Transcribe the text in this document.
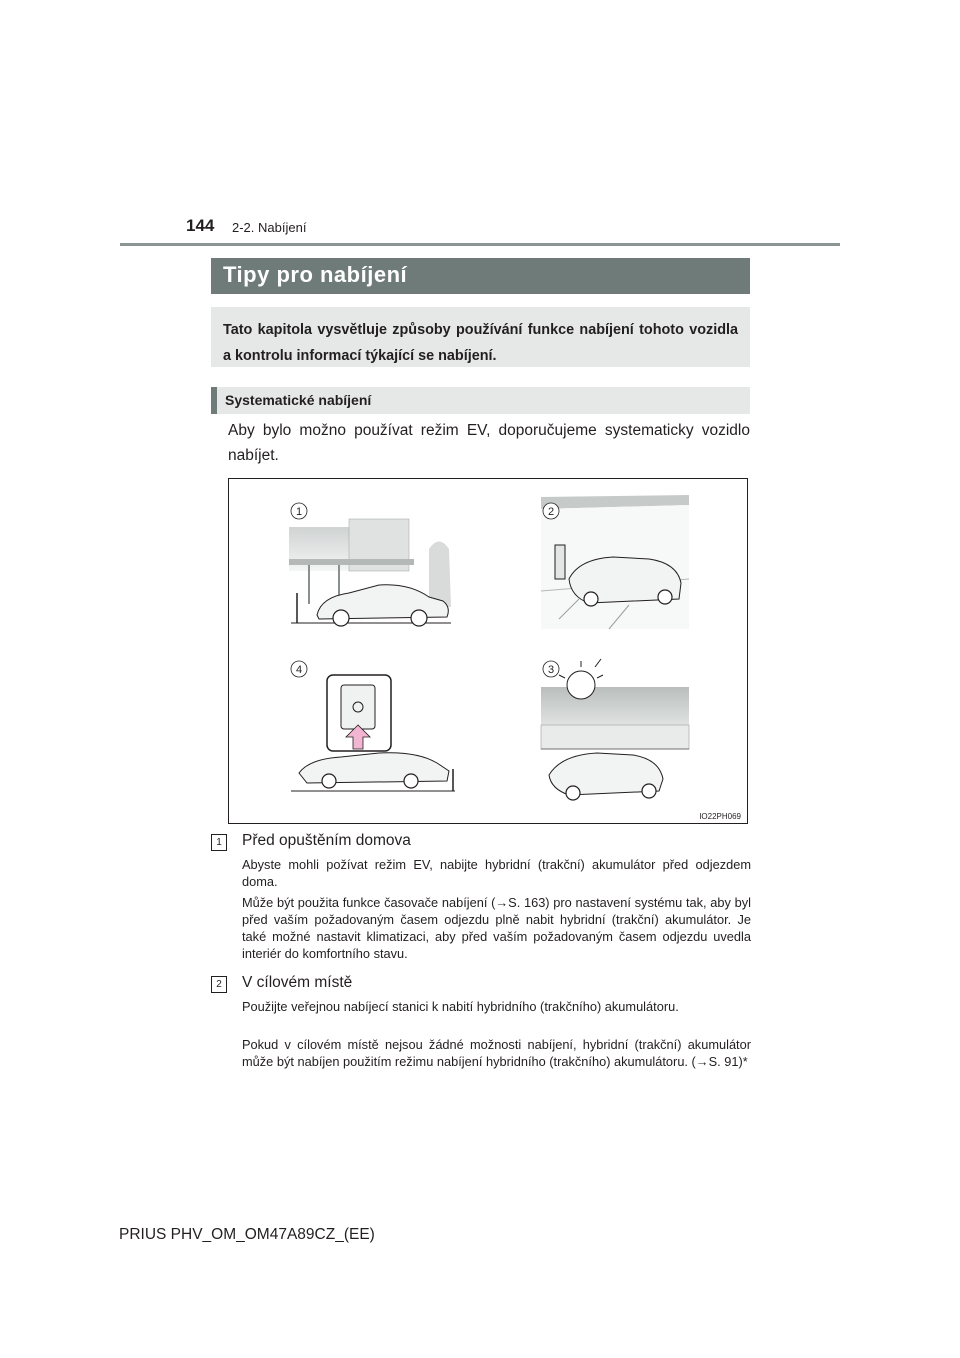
144 2-2. Nabíjení
Tipy pro nabíjení
Tato kapitola vysvětluje způsoby používání funkce nabíjení tohoto vozidla a kontrolu informací týkající se nabíjení.
Systematické nabíjení
Aby bylo možno používat režim EV, doporučujeme systematicky vozidlo nabíjet.
1	2
3
4
IO22PH069
1	Před opuštěním domova
Abyste mohli požívat režim EV, nabijte hybridní (trakční) akumulátor před odjezdem doma.
Může být použita funkce časovače nabíjení (→S. 163) pro nastavení systému tak, aby byl před vaším požadovaným časem odjezdu plně nabit hybridní (trakční) akumulátor. Je také možné nastavit klimatizaci, aby před vaším požadovaným časem odjezdu uvedla interiér do komfortního stavu.
2	V cílovém místě
Použijte veřejnou nabíjecí stanici k nabití hybridního (trakčního) akumulátoru.
Pokud v cílovém místě nejsou žádné možnosti nabíjení, hybridní (trakční) akumulátor může být nabíjen použitím režimu nabíjení hybridního (trakčního) akumulátoru. (→S. 91)*
PRIUS PHV_OM_OM47A89CZ_(EE)
